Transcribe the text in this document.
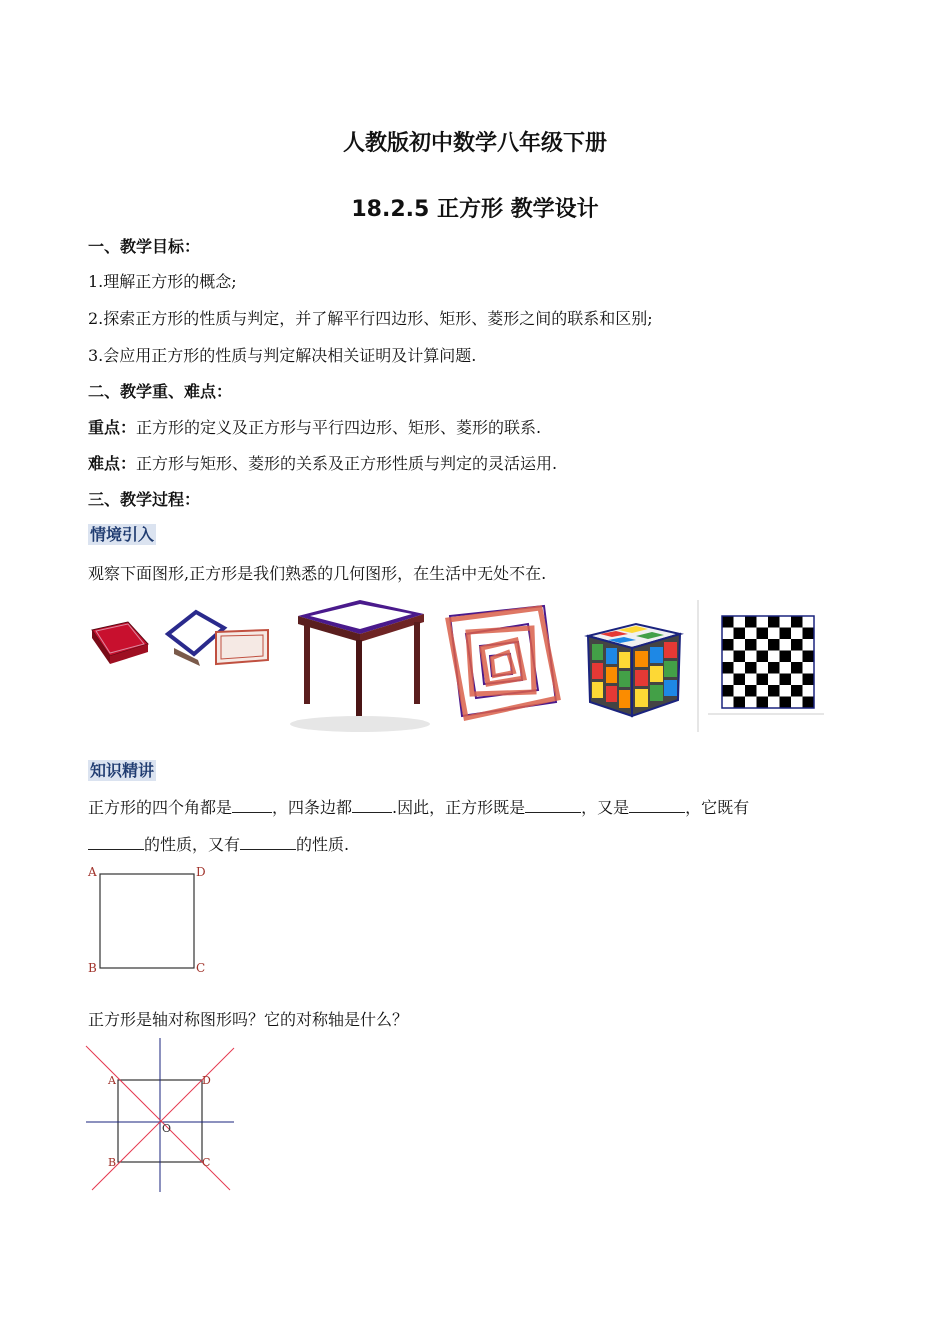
人教版初中数学八年级下册
18.2.5 正方形 教学设计
一、教学目标：
1.理解正方形的概念;
2.探索正方形的性质与判定，并了解平行四边形、矩形、菱形之间的联系和区别;
3.会应用正方形的性质与判定解决相关证明及计算问题.
二、教学重、难点：
重点：正方形的定义及正方形与平行四边形、矩形、菱形的联系.
难点：正方形与矩形、菱形的关系及正方形性质与判定的灵活运用.
三、教学过程：
情境引入
观察下面图形,正方形是我们熟悉的几何图形，在生活中无处不在.
知识精讲
正方形的四个角都是	，四条边都	.因此，正方形既是	，又是	，它既有
的性质，又有	的性质.
A	D
B	C
正方形是轴对称图形吗？它的对称轴是什么？
A	D
B	C
O
